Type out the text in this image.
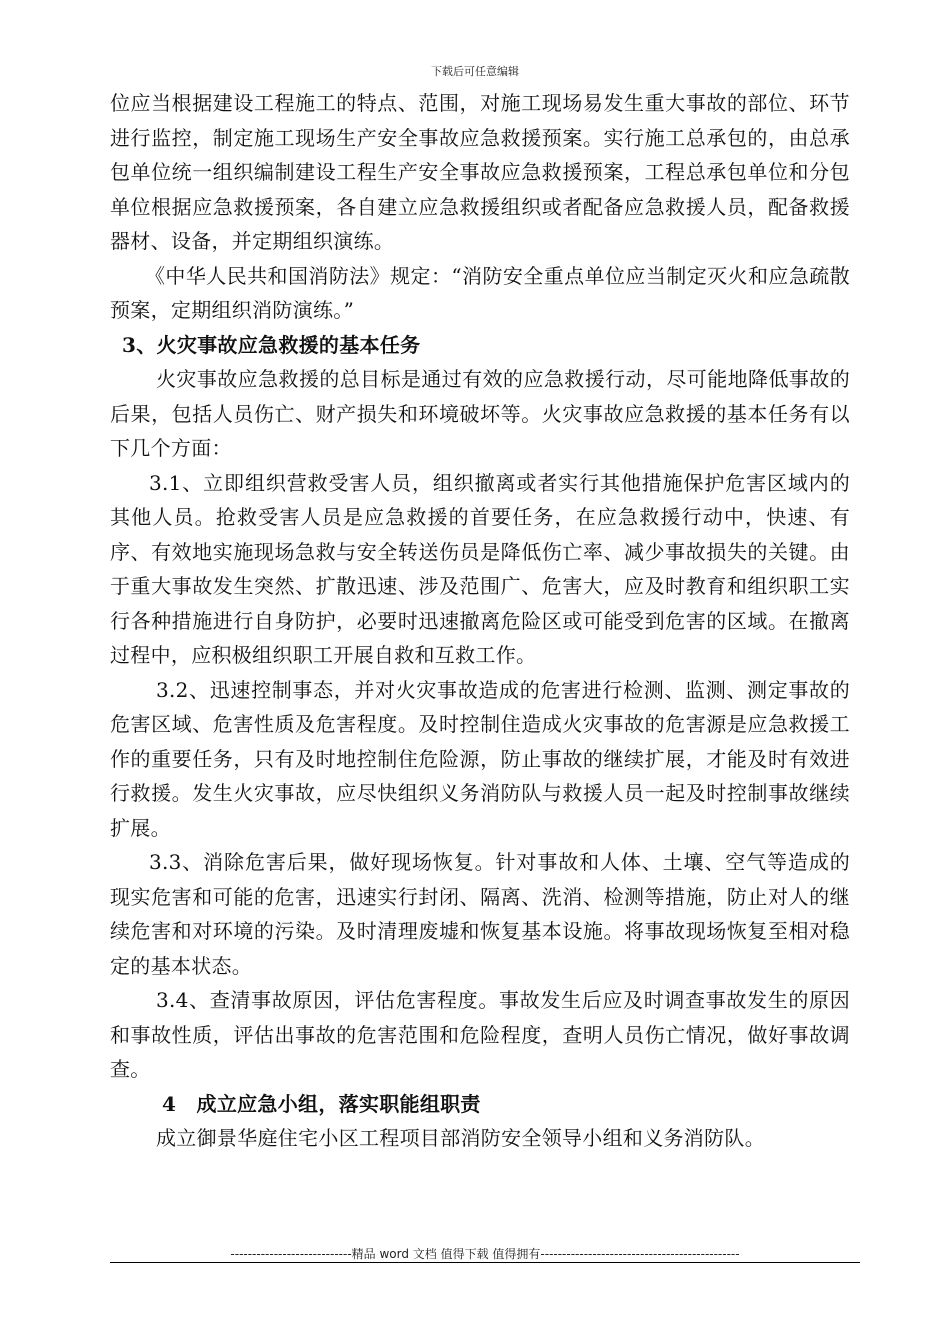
下载后可任意编辑

位应当根据建设工程施工的特点、范围，对施工现场易发生重大事故的部位、环节进行监控，制定施工现场生产安全事故应急救援预案。实行施工总承包的，由总承包单位统一组织编制建设工程生产安全事故应急救援预案，工程总承包单位和分包单位根据应急救援预案，各自建立应急救援组织或者配备应急救援人员，配备救援器材、设备，并定期组织演练。

《中华人民共和国消防法》规定：“消防安全重点单位应当制定灭火和应急疏散预案，定期组织消防演练。”

3、火灾事故应急救援的基本任务

火灾事故应急救援的总目标是通过有效的应急救援行动，尽可能地降低事故的后果，包括人员伤亡、财产损失和环境破坏等。火灾事故应急救援的基本任务有以下几个方面：

3.1、立即组织营救受害人员，组织撤离或者实行其他措施保护危害区域内的其他人员。抢救受害人员是应急救援的首要任务，在应急救援行动中，快速、有序、有效地实施现场急救与安全转送伤员是降低伤亡率、减少事故损失的关键。由于重大事故发生突然、扩散迅速、涉及范围广、危害大，应及时教育和组织职工实行各种措施进行自身防护，必要时迅速撤离危险区或可能受到危害的区域。在撤离过程中，应积极组织职工开展自救和互救工作。

3.2、迅速控制事态，并对火灾事故造成的危害进行检测、监测、测定事故的危害区域、危害性质及危害程度。及时控制住造成火灾事故的危害源是应急救援工作的重要任务，只有及时地控制住危险源，防止事故的继续扩展，才能及时有效进行救援。发生火灾事故，应尽快组织义务消防队与救援人员一起及时控制事故继续扩展。

3.3、消除危害后果，做好现场恢复。针对事故和人体、土壤、空气等造成的现实危害和可能的危害，迅速实行封闭、隔离、洗消、检测等措施，防止对人的继续危害和对环境的污染。及时清理废墟和恢复基本设施。将事故现场恢复至相对稳定的基本状态。

3.4、查清事故原因，评估危害程度。事故发生后应及时调查事故发生的原因和事故性质，评估出事故的危害范围和危险程度，查明人员伤亡情况，做好事故调查。

4　成立应急小组，落实职能组职责

成立御景华庭住宅小区工程项目部消防安全领导小组和义务消防队。

----------------------------精品 word 文档 值得下载 值得拥有----------------------------------------------
